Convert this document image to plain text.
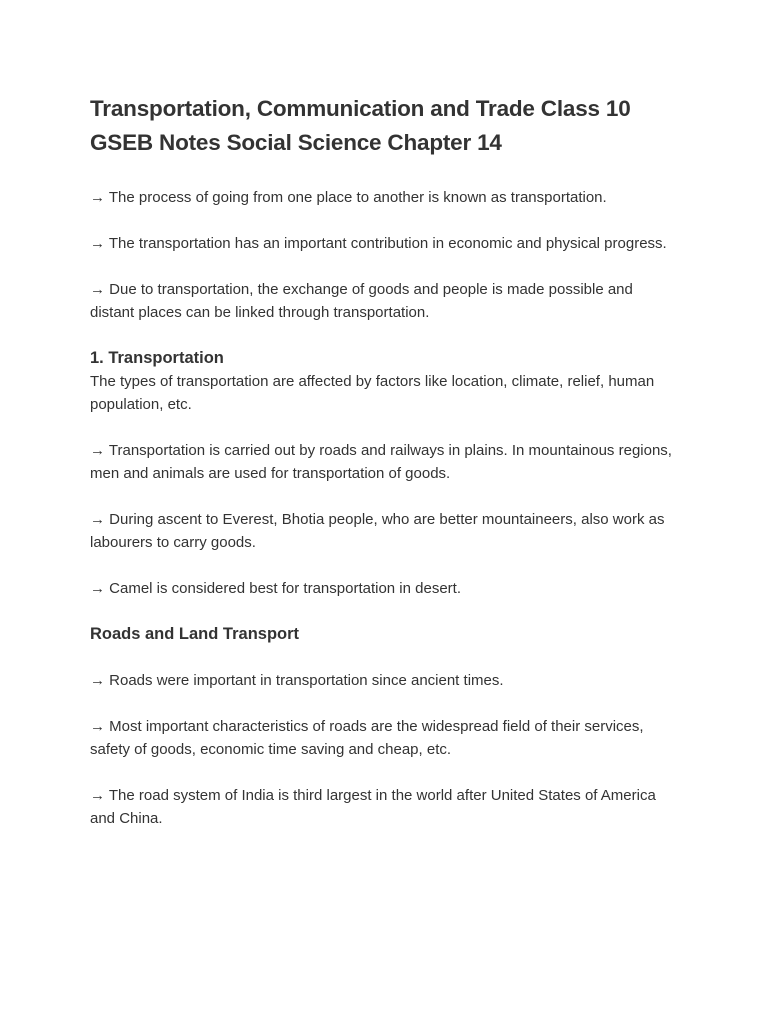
Transportation, Communication and Trade Class 10 GSEB Notes Social Science Chapter 14

→ The process of going from one place to another is known as transportation.

→ The transportation has an important contribution in economic and physical progress.

→ Due to transportation, the exchange of goods and people is made possible and distant places can be linked through transportation.

1. Transportation

The types of transportation are affected by factors like location, climate, relief, human population, etc.

→ Transportation is carried out by roads and railways in plains. In mountainous regions, men and animals are used for transportation of goods.

→ During ascent to Everest, Bhotia people, who are better mountaineers, also work as labourers to carry goods.

→ Camel is considered best for transportation in desert.

Roads and Land Transport

→ Roads were important in transportation since ancient times.

→ Most important characteristics of roads are the widespread field of their services, safety of goods, economic time saving and cheap, etc.

→ The road system of India is third largest in the world after United States of America and China.
